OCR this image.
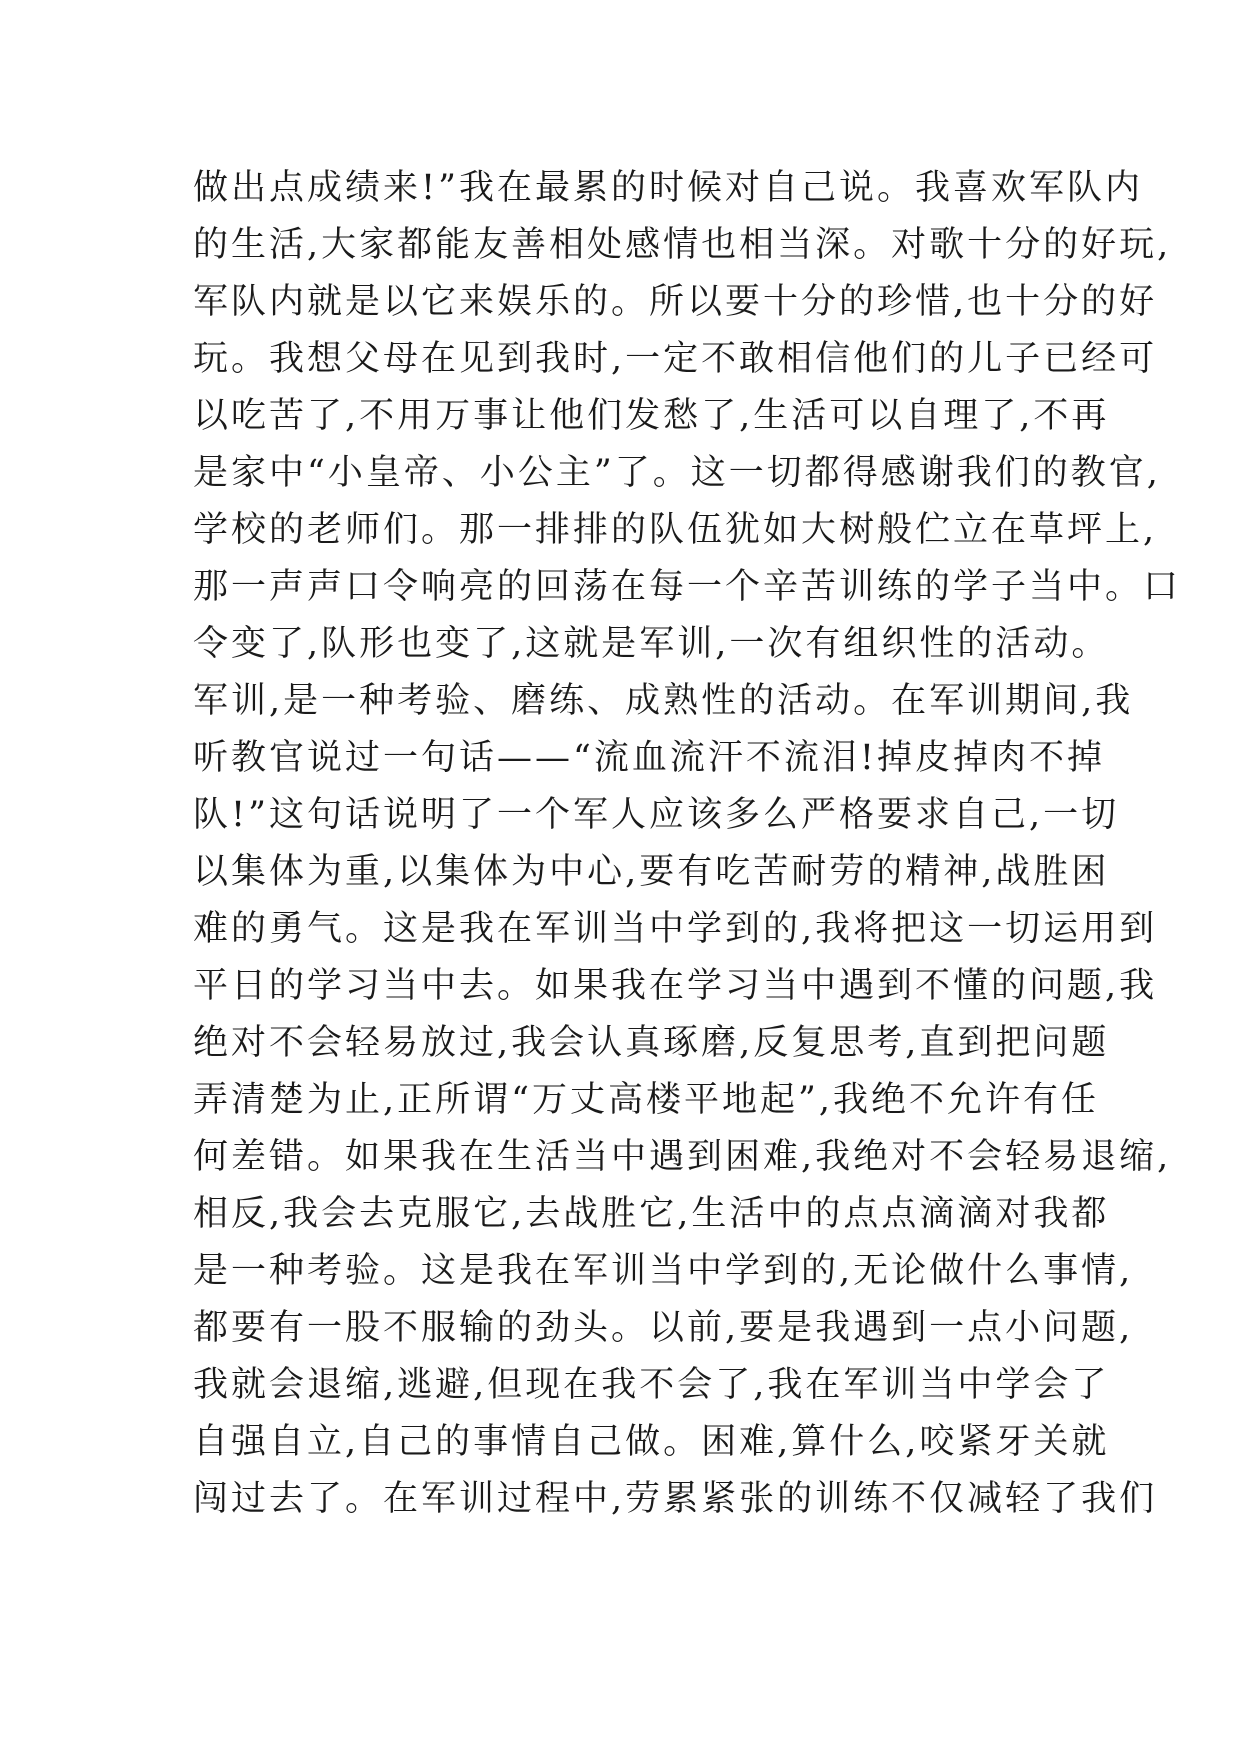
做出点成绩来!”我在最累的时候对自己说。我喜欢军队内
的生活,大家都能友善相处感情也相当深。对歌十分的好玩,
军队内就是以它来娱乐的。所以要十分的珍惜,也十分的好
玩。我想父母在见到我时,一定不敢相信他们的儿子已经可
以吃苦了,不用万事让他们发愁了,生活可以自理了,不再
是家中“小皇帝、小公主”了。这一切都得感谢我们的教官,
学校的老师们。那一排排的队伍犹如大树般伫立在草坪上,
那一声声口令响亮的回荡在每一个辛苦训练的学子当中。口
令变了,队形也变了,这就是军训,一次有组织性的活动。
军训,是一种考验、磨练、成熟性的活动。在军训期间,我
听教官说过一句话——“流血流汗不流泪!掉皮掉肉不掉
队!”这句话说明了一个军人应该多么严格要求自己,一切
以集体为重,以集体为中心,要有吃苦耐劳的精神,战胜困
难的勇气。这是我在军训当中学到的,我将把这一切运用到
平日的学习当中去。如果我在学习当中遇到不懂的问题,我
绝对不会轻易放过,我会认真琢磨,反复思考,直到把问题
弄清楚为止,正所谓“万丈高楼平地起”,我绝不允许有任
何差错。如果我在生活当中遇到困难,我绝对不会轻易退缩,
相反,我会去克服它,去战胜它,生活中的点点滴滴对我都
是一种考验。这是我在军训当中学到的,无论做什么事情,
都要有一股不服输的劲头。以前,要是我遇到一点小问题,
我就会退缩,逃避,但现在我不会了,我在军训当中学会了
自强自立,自己的事情自己做。困难,算什么,咬紧牙关就
闯过去了。在军训过程中,劳累紧张的训练不仅减轻了我们
